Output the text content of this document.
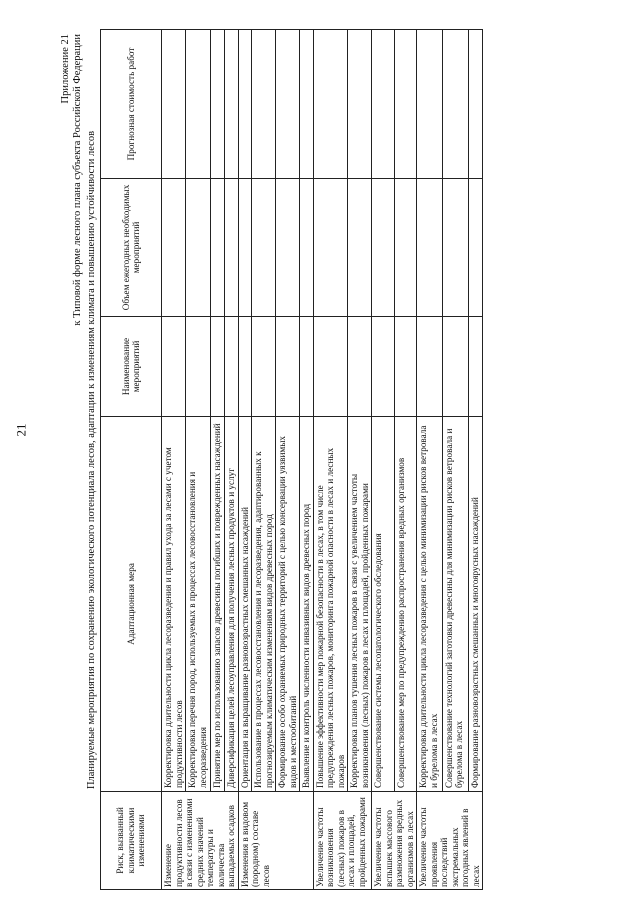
21
Приложение 21 к Типовой форме лесного плана субъекта Российской Федерации Планируемые мероприятия по сохранению экологического потенциала лесов, адаптации к изменениям климата и повышению устойчивости лесов
Риск, вызванный климатическими изменениями	Адаптационная мера	Наименование мероприятий	Объем ежегодных необходимых мероприятий	Прогнозная стоимость работ
Изменение продуктивности лесов в связи с изменениями средних значений температуры и количества выпадаемых осадков	Корректировка длительности цикла лесоразведения и правил ухода за лесами с учетом продуктивности лесов			
	Корректировка перечня пород, используемых в процессах лесовосстановления и лесоразведения			
	Принятие мер по использованию запасов древесины погибших и поврежденных насаждений			
	Диверсификация целей лесоуправления для получения лесных продуктов и услуг			
Изменения в видовом (породном) составе лесов	Ориентация на выращивание разновозрастных смешанных насаждений			
	Использование в процессах лесовосстановления и лесоразведения, адаптированных к прогнозируемым климатическим изменениям видов древесных пород			
	Формирование особо охраняемых природных территорий с целью консервации уязвимых видов и местообитаний			
	Выявление и контроль численности инвазивных видов древесных пород			
Увеличение частоты возникновения (лесных) пожаров в лесах и площадей, пройденных пожарами	Повышение эффективности мер пожарной безопасности в лесах, в том числе предупреждения лесных пожаров, мониторинга пожарной опасности в лесах и лесных пожаров			
	Корректировка планов тушения лесных пожаров в связи с увеличением частоты возникновения (лесных) пожаров в лесах и площадей, пройденных пожарами			
Увеличение частоты вспышек массового размножения вредных организмов в лесах	Совершенствование системы лесопатологического обследования			
	Совершенствование мер по предупреждению распространения вредных организмов			
Увеличение частоты проявления последствий экстремальных погодных явлений в лесах	Корректировка длительности цикла лесоразведения с целью минимизации рисков ветровала и бурелома в лесах			
	Совершенствование технологий заготовки древесины для минимизации рисков ветровала и бурелома в лесах			
	Формирование разновозрастных смешанных и многоярусных насаждений			
